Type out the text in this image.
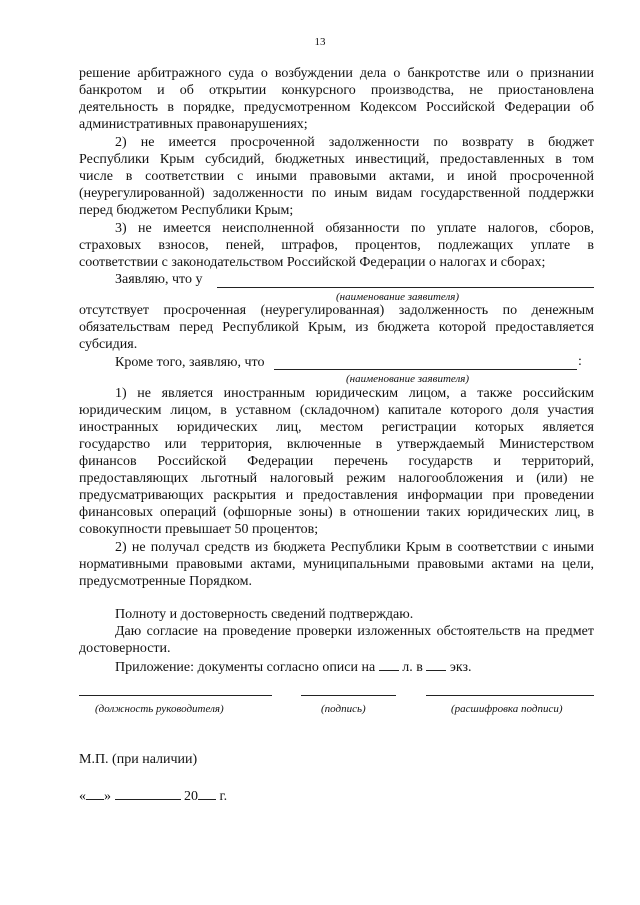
13
решение арбитражного суда о возбуждении дела о банкротстве или о признании
банкротом и об открытии конкурсного производства, не приостановлена
деятельность в порядке, предусмотренном Кодексом Российской Федерации об
административных правонарушениях;
2) не имеется просроченной задолженности по возврату в бюджет
Республики Крым субсидий, бюджетных инвестиций, предоставленных в том
числе в соответствии с иными правовыми актами, и иной просроченной
(неурегулированной) задолженности по иным видам государственной поддержки
перед бюджетом Республики Крым;
3) не имеется неисполненной обязанности по уплате налогов, сборов,
страховых взносов, пеней, штрафов, процентов, подлежащих уплате в
соответствии с законодательством Российской Федерации о налогах и сборах;
Заявляю, что у
(наименование заявителя)
отсутствует просроченная (неурегулированная) задолженность по денежным
обязательствам перед Республикой Крым, из бюджета которой предоставляется
субсидия.
Кроме того, заявляю, что	:
(наименование заявителя)
1) не является иностранным юридическим лицом, а также российским
юридическим лицом, в уставном (складочном) капитале которого доля участия
иностранных юридических лиц, местом регистрации которых является
государство или территория, включенные в утверждаемый Министерством
финансов Российской Федерации перечень государств и территорий,
предоставляющих льготный налоговый режим налогообложения и (или) не
предусматривающих раскрытия и предоставления информации при проведении
финансовых операций (офшорные зоны) в отношении таких юридических лиц, в
совокупности превышает 50 процентов;
2) не получал средств из бюджета Республики Крым в соответствии с иными
нормативными правовыми актами, муниципальными правовыми актами на цели,
предусмотренные Порядком.
Полноту и достоверность сведений подтверждаю.
Даю согласие на проведение проверки изложенных обстоятельств на предмет
достоверности.
Приложение: документы согласно описи на л. в экз.
(должность руководителя)	(подпись)	(расшифровка подписи)
М.П. (при наличии)
« »	20 г.
